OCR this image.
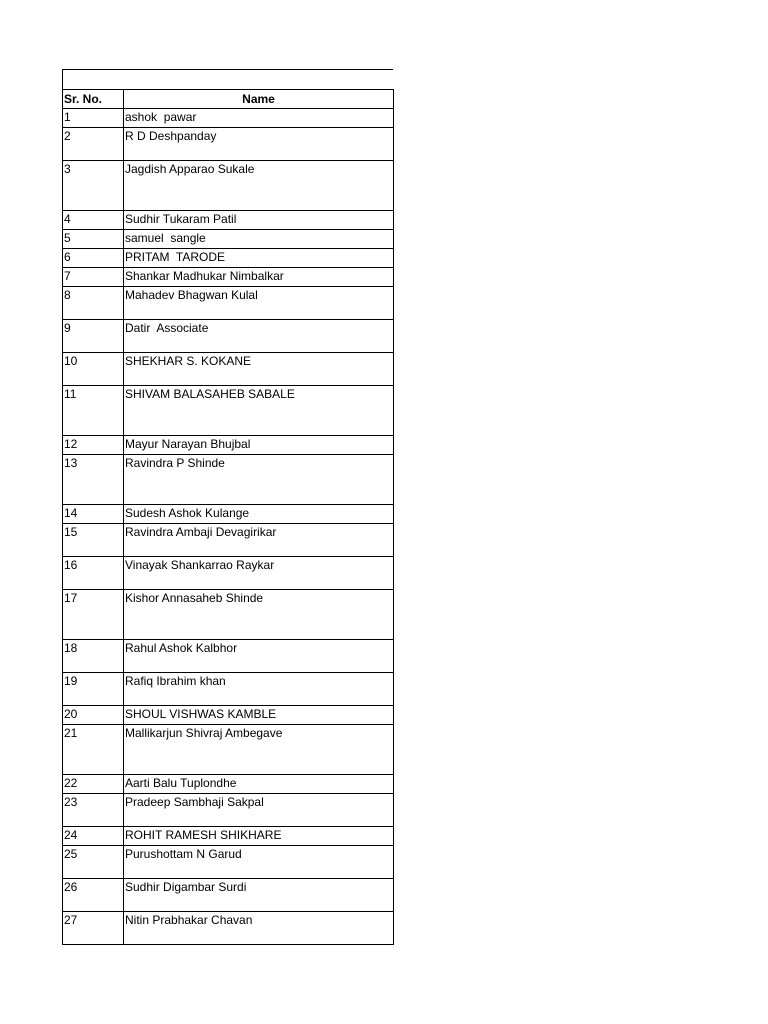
Sr. No.	Name
1	ashok  pawar
2	R D Deshpanday
3	Jagdish Apparao Sukale
4	Sudhir Tukaram Patil
5	samuel  sangle
6	PRITAM  TARODE
7	Shankar Madhukar Nimbalkar
8	Mahadev Bhagwan Kulal
9	Datir  Associate
10	SHEKHAR S. KOKANE
11	SHIVAM BALASAHEB SABALE
12	Mayur Narayan Bhujbal
13	Ravindra P Shinde
14	Sudesh Ashok Kulange
15	Ravindra Ambaji Devagirikar
16	Vinayak Shankarrao Raykar
17	Kishor Annasaheb Shinde
18	Rahul Ashok Kalbhor
19	Rafiq Ibrahim khan
20	SHOUL VISHWAS KAMBLE
21	Mallikarjun Shivraj Ambegave
22	Aarti Balu Tuplondhe
23	Pradeep Sambhaji Sakpal
24	ROHIT RAMESH SHIKHARE
25	Purushottam N Garud
26	Sudhir Digambar Surdi
27	Nitin Prabhakar Chavan
